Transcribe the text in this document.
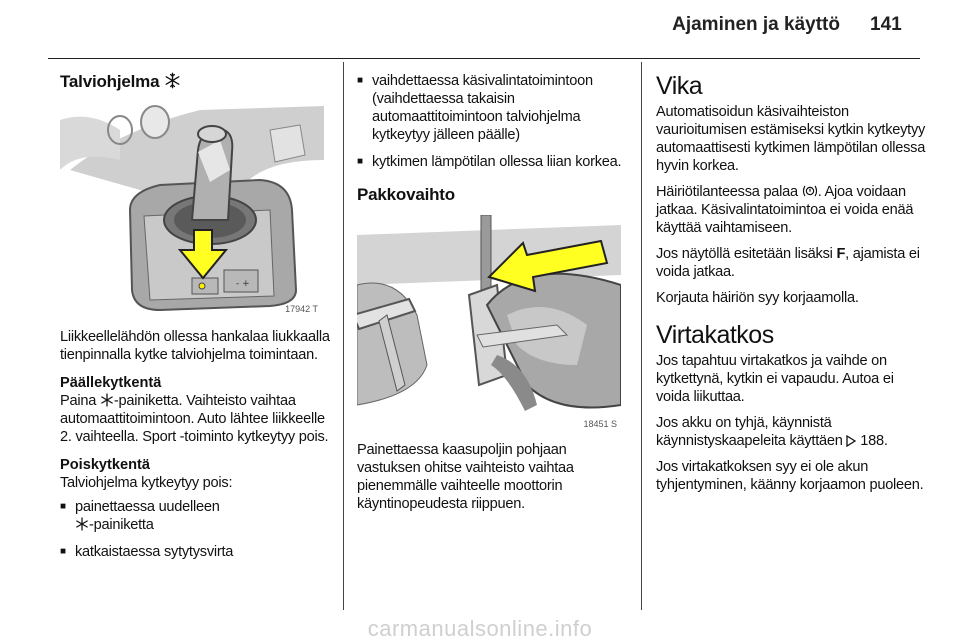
Ajaminen ja käyttö 141
Talviohjelma
- +
17942 T

Liikkeellelähdön ollessa hankalaa liukkaalla tienpinnalla kytke talviohjelma toimintaan.

Päällekytkentä

Paina -painiketta. Vaihteisto vaihtaa automaattitoimintoon. Auto lähtee liikkeelle 2. vaihteella. Sport -toiminto kytkeytyy pois.

Poiskytkentä

Talviohjelma kytkeytyy pois:

■ painettaessa uudelleen
-painiketta
■ katkaistaessa sytytysvirta
■ vaihdettaessa käsivalintatoimintoon (vaihdettaessa takaisin automaattitoimintoon talviohjelma kytkeytyy jälleen päälle)
■ kytkimen lämpötilan ollessa liian korkea.
Pakkovaihto
18451 S

Painettaessa kaasupoljin pohjaan vastuksen ohitse vaihteisto vaihtaa pienemmälle vaihteelle moottorin käyntinopeudesta riippuen.

Vika

Automatisoidun käsivaihteiston vaurioitumisen estämiseksi kytkin kytkeytyy automaattisesti kytkimen lämpötilan ollessa hyvin korkea.

Häiriötilanteessa palaa . Ajoa voidaan jatkaa. Käsivalintatoimintoa ei voida enää käyttää vaihtamiseen.

Jos näytöllä esitetään lisäksi F, ajamista ei voida jatkaa.

Korjauta häiriön syy korjaamolla.

Virtakatkos

Jos tapahtuu virtakatkos ja vaihde on kytkettynä, kytkin ei vapaudu. Autoa ei voida liikuttaa.

Jos akku on tyhjä, käynnistä käynnistyskaapeleita käyttäen  188.

Jos virtakatkoksen syy ei ole akun tyhjentyminen, käänny korjaamon puoleen.

carmanualsonline.info
